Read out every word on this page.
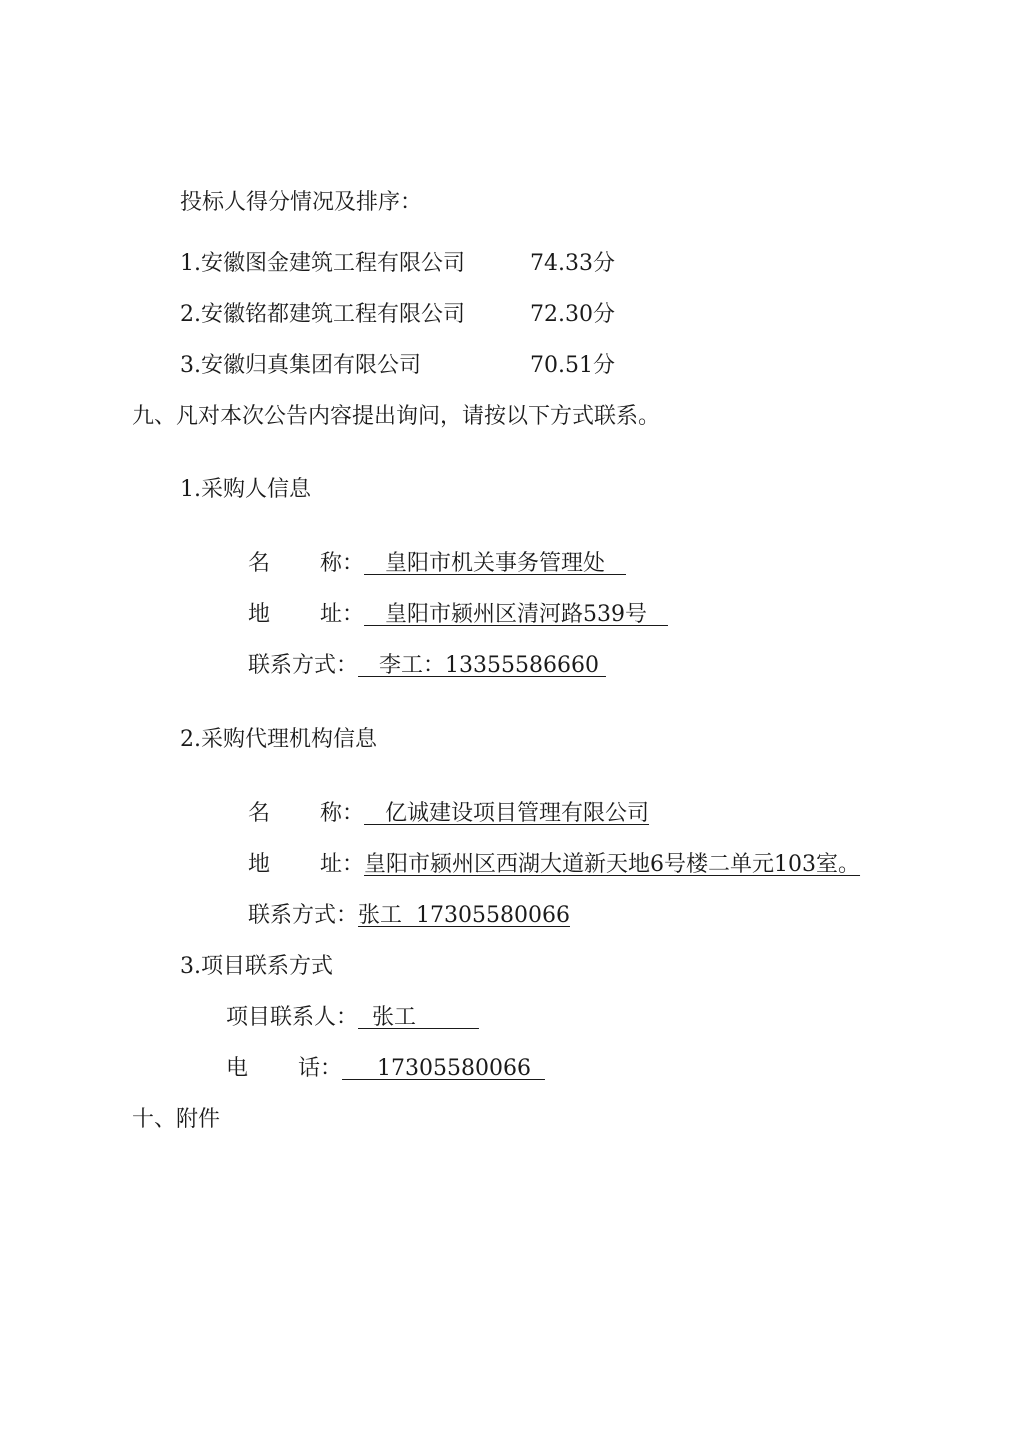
投标人得分情况及排序：
1.安徽图金建筑工程有限公司	74.33分
2.安徽铭都建筑工程有限公司	72.30分
3.安徽归真集团有限公司	70.51分
九、凡对本次公告内容提出询问，请按以下方式联系。
1.采购人信息
名 称：   皇阳市机关事务管理处
地 址：   皇阳市颍州区清河路539号
联系方式：   李工：13355586660
2.采购代理机构信息
名 称：   亿诚建设项目管理有限公司
地 址：皇阳市颍州区西湖大道新天地6号楼二单元103室。
联系方式：张工  17305580066
3.项目联系方式
项目联系人：  张工
电 话：     17305580066
十、附件
